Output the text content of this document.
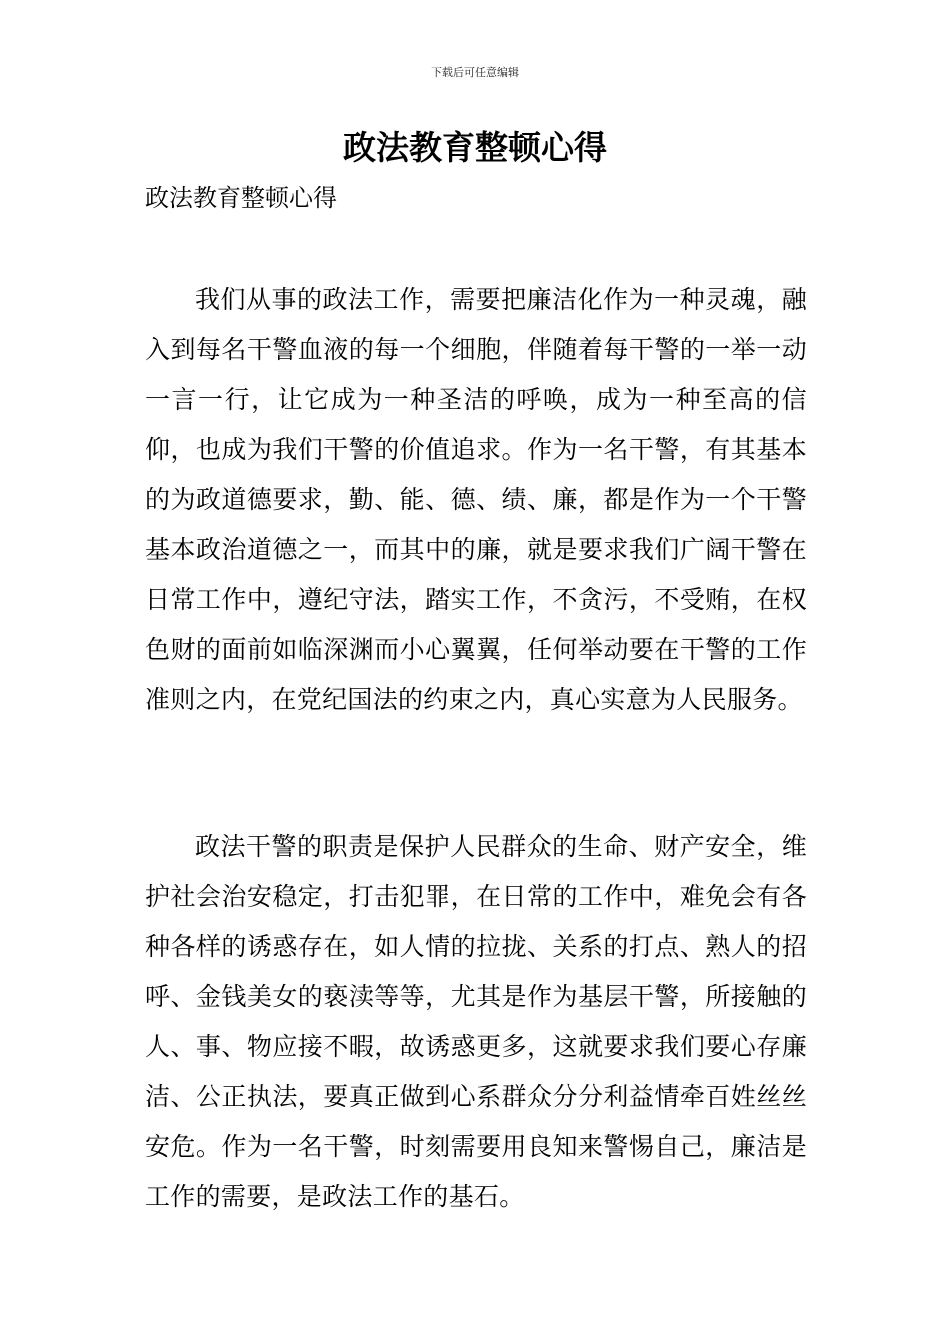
下载后可任意编辑
政法教育整顿心得

政法教育整顿心得

我们从事的政法工作，需要把廉洁化作为一种灵魂，融入到每名干警血液的每一个细胞，伴随着每干警的一举一动一言一行，让它成为一种圣洁的呼唤，成为一种至高的信仰，也成为我们干警的价值追求。作为一名干警，有其基本的为政道德要求，勤、能、德、绩、廉，都是作为一个干警基本政治道德之一，而其中的廉，就是要求我们广阔干警在日常工作中，遵纪守法，踏实工作，不贪污，不受贿，在权色财的面前如临深渊而小心翼翼，任何举动要在干警的工作准则之内，在党纪国法的约束之内，真心实意为人民服务。

政法干警的职责是保护人民群众的生命、财产安全，维护社会治安稳定，打击犯罪，在日常的工作中，难免会有各种各样的诱惑存在，如人情的拉拢、关系的打点、熟人的招呼、金钱美女的亵渎等等，尤其是作为基层干警，所接触的人、事、物应接不暇，故诱惑更多，这就要求我们要心存廉洁、公正执法，要真正做到心系群众分分利益情牵百姓丝丝安危。作为一名干警，时刻需要用良知来警惕自己，廉洁是工作的需要，是政法工作的基石。
